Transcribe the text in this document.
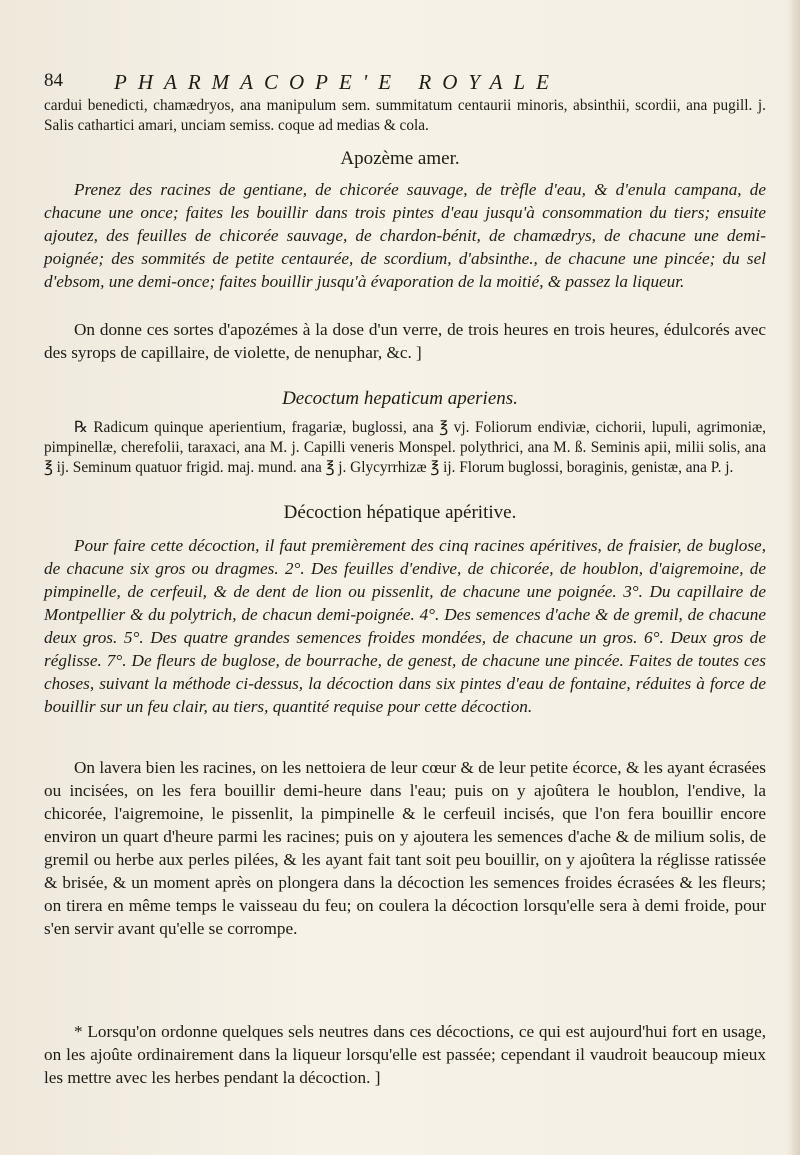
84 PHARMACOPE'E ROYALE

cardui benedicti, chamædryos, ana manipulum sem. summitatum centaurii minoris, absinthii, scordii, ana pugill. j. Salis cathartici amari, unciam semiss. coque ad medias & cola.

Apozème amer.

Prenez des racines de gentiane, de chicorée sauvage, de trèfle d'eau, & d'enula campana, de chacune une once; faites les bouillir dans trois pintes d'eau jusqu'à consommation du tiers; ensuite ajoutez, des feuilles de chicorée sauvage, de chardon-bénit, de chamædrys, de chacune une demi-poignée; des sommités de petite centaurée, de scordium, d'absinthe., de chacune une pincée; du sel d'ebsom, une demi-once; faites bouillir jusqu'à évaporation de la moitié, & passez la liqueur.

On donne ces sortes d'apozémes à la dose d'un verre, de trois heures en trois heures, édulcorés avec des syrops de capillaire, de violette, de nenuphar, &c. ]

Decoctum hepaticum aperiens.

℞ Radicum quinque aperientium, fragariæ, buglossi, ana ℥ vj. Foliorum endiviæ, cichorii, lupuli, agrimoniæ, pimpinellæ, cherefolii, taraxaci, ana M. j. Capilli veneris Monspel. polythrici, ana M. ß. Seminis apii, milii solis, ana ℥ ij. Seminum quatuor frigid. maj. mund. ana ℥ j. Glycyrrhizæ ℥ ij. Florum buglossi, boraginis, genistæ, ana P. j.

Décoction hépatique apéritive.

Pour faire cette décoction, il faut premièrement des cinq racines apéritives, de fraisier, de buglose, de chacune six gros ou dragmes. 2°. Des feuilles d'endive, de chicorée, de houblon, d'aigremoine, de pimpinelle, de cerfeuil, & de dent de lion ou pissenlit, de chacune une poignée. 3°. Du capillaire de Montpellier & du polytrich, de chacun demi-poignée. 4°. Des semences d'ache & de gremil, de chacune deux gros. 5°. Des quatre grandes semences froides mondées, de chacune un gros. 6°. Deux gros de réglisse. 7°. De fleurs de buglose, de bourrache, de genest, de chacune une pincée. Faites de toutes ces choses, suivant la méthode ci-dessus, la décoction dans six pintes d'eau de fontaine, réduites à force de bouillir sur un feu clair, au tiers, quantité requise pour cette décoction.

On lavera bien les racines, on les nettoiera de leur cœur & de leur petite écorce, & les ayant écrasées ou incisées, on les fera bouillir demi-heure dans l'eau; puis on y ajoûtera le houblon, l'endive, la chicorée, l'aigremoine, le pissenlit, la pimpinelle & le cerfeuil incisés, que l'on fera bouillir encore environ un quart d'heure parmi les racines; puis on y ajoutera les semences d'ache & de milium solis, de gremil ou herbe aux perles pilées, & les ayant fait tant soit peu bouillir, on y ajoûtera la réglisse ratissée & brisée, & un moment après on plongera dans la décoction les semences froides écrasées & les fleurs; on tirera en même temps le vaisseau du feu; on coulera la décoction lorsqu'elle sera à demi froide, pour s'en servir avant qu'elle se corrompe.

* Lorsqu'on ordonne quelques sels neutres dans ces décoctions, ce qui est aujourd'hui fort en usage, on les ajoûte ordinairement dans la liqueur lorsqu'elle est passée; cependant il vaudroit beaucoup mieux les mettre avec les herbes pendant la décoction. ]
